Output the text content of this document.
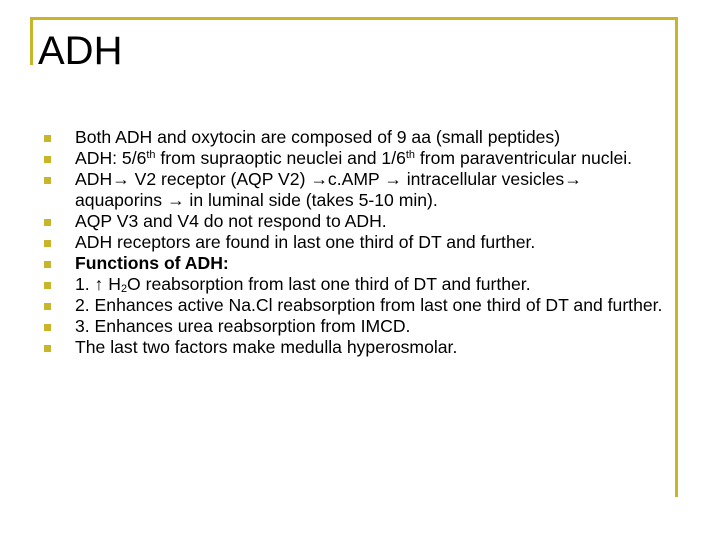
ADH
Both ADH and oxytocin are composed of 9 aa (small peptides)
ADH: 5/6th from supraoptic neuclei and 1/6th from paraventricular nuclei.
ADH→ V2 receptor (AQP V2) →c.AMP → intracellular vesicles→ aquaporins → in luminal side (takes 5-10 min).
AQP V3 and V4 do not respond to ADH.
ADH receptors are found in last one third of DT and further.
Functions of ADH:
1. ↑ $H_2O$ reabsorption from last one third of DT and further.
2. Enhances active Na.Cl reabsorption from last one third of DT and further.
3. Enhances urea reabsorption from IMCD.
The last two factors make medulla hyperosmolar.
